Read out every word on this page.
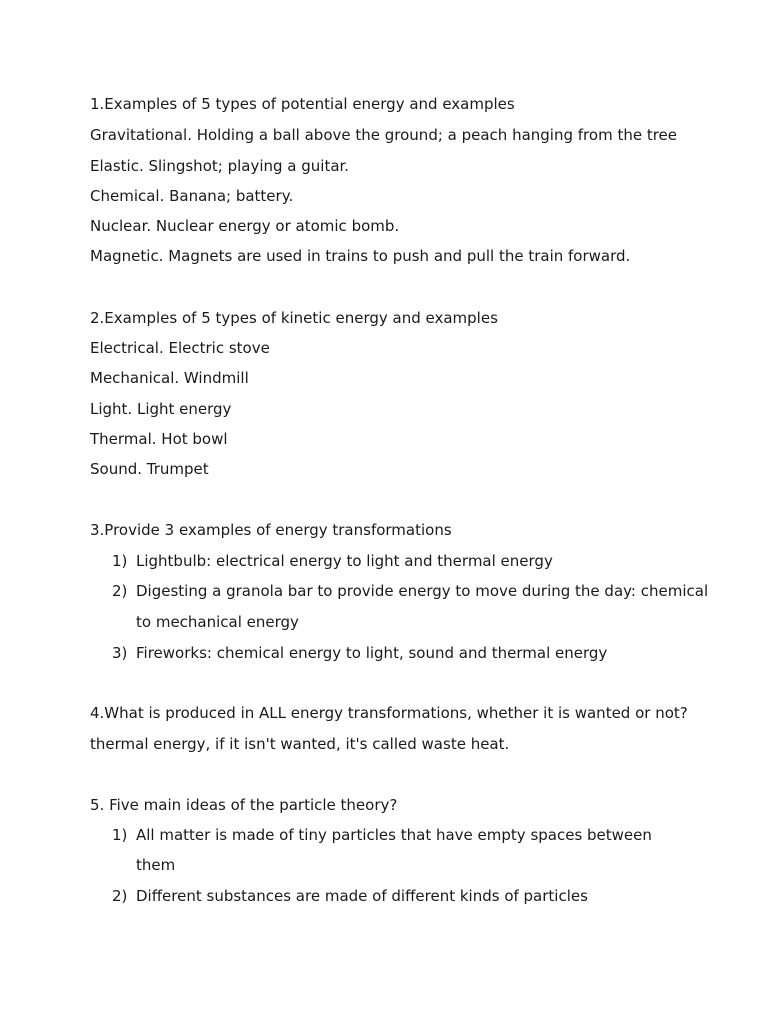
1.Examples of 5 types of potential energy and examples
Gravitational. Holding a ball above the ground; a peach hanging from the tree
Elastic. Slingshot; playing a guitar.
Chemical. Banana; battery.
Nuclear. Nuclear energy or atomic bomb.
Magnetic. Magnets are used in trains to push and pull the train forward.
2.Examples of 5 types of kinetic energy and examples
Electrical. Electric stove
Mechanical. Windmill
Light. Light energy
Thermal. Hot bowl
Sound. Trumpet
3.Provide 3 examples of energy transformations
1) Lightbulb: electrical energy to light and thermal energy
2) Digesting a granola bar to provide energy to move during the day: chemical
to mechanical energy
3) Fireworks: chemical energy to light, sound and thermal energy
4.What is produced in ALL energy transformations, whether it is wanted or not?
thermal energy, if it isn't wanted, it's called waste heat.
5. Five main ideas of the particle theory?
1) All matter is made of tiny particles that have empty spaces between
them
2) Different substances are made of different kinds of particles
